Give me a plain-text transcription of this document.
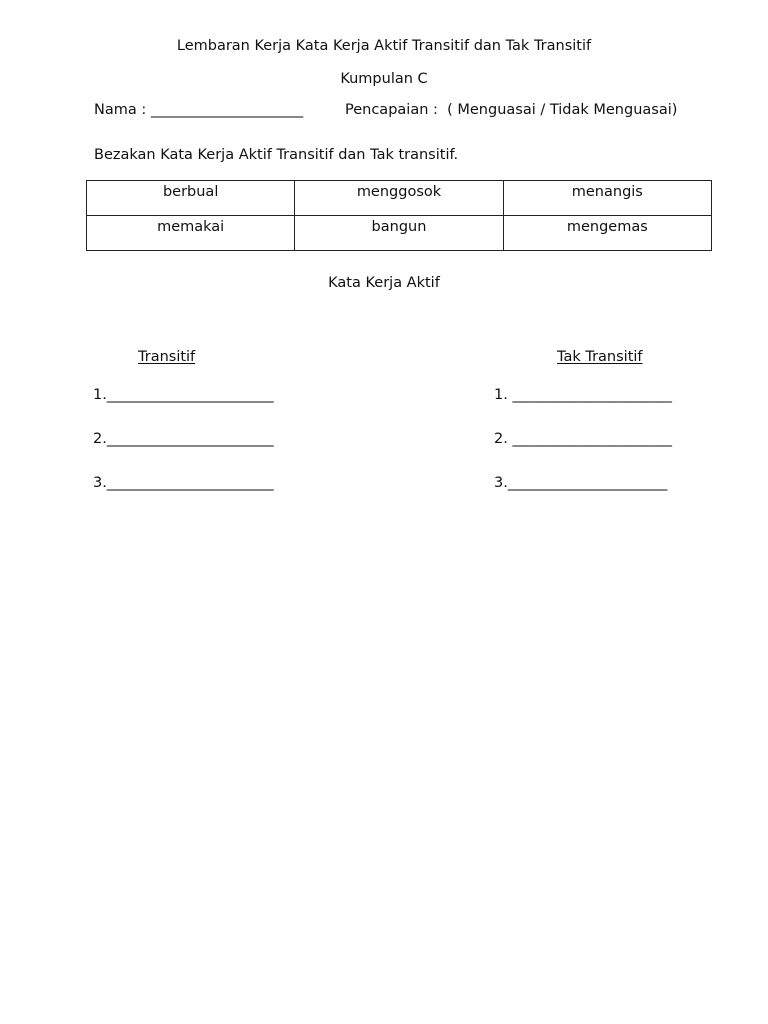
Lembaran Kerja Kata Kerja Aktif Transitif dan Tak Transitif
Kumpulan C
Nama : _____________________	Pencapaian :  ( Menguasai / Tidak Menguasai)
Bezakan Kata Kerja Aktif Transitif dan Tak transitif.
berbual	menggosok	menangis
memakai	bangun	mengemas
Kata Kerja Aktif
Transitif	Tak Transitif
1._______________________
2._______________________
3._______________________
1. ______________________
2. ______________________
3.______________________
